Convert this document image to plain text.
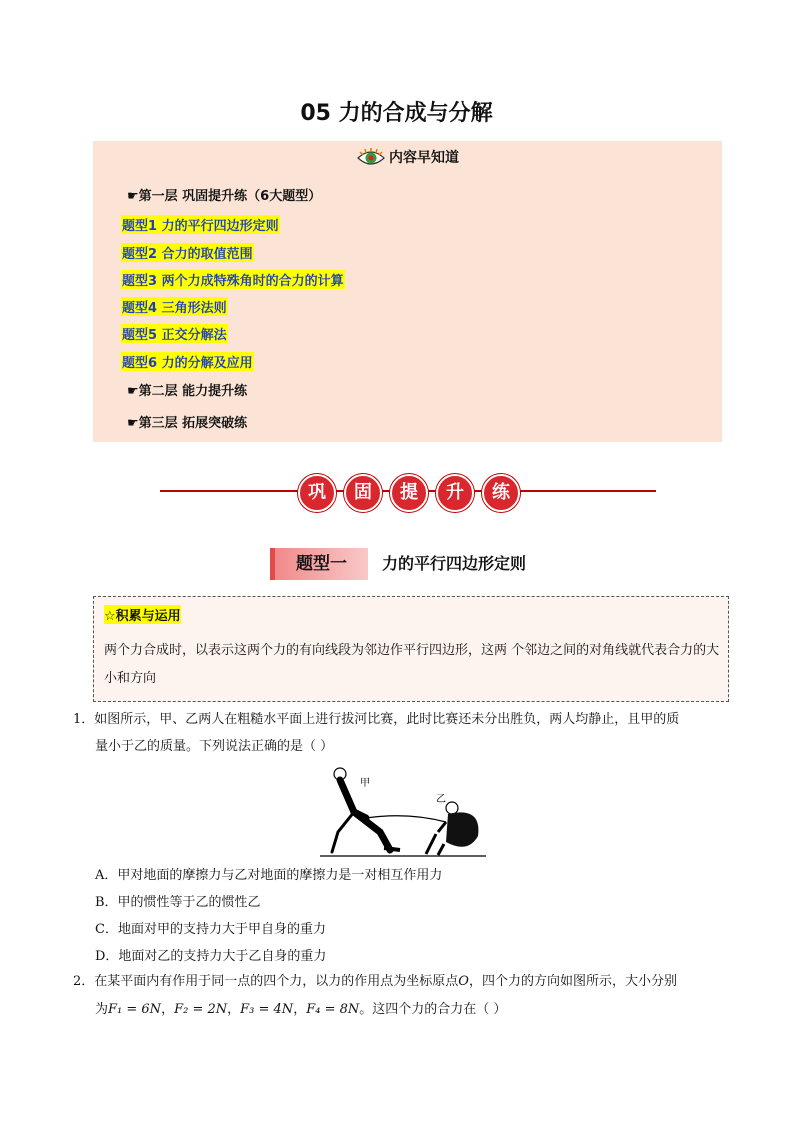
05 力的合成与分解
内容早知道
☛第一层 巩固提升练（6大题型）
题型1 力的平行四边形定则
题型2 合力的取值范围
题型3 两个力成特殊角时的合力的计算
题型4 三角形法则
题型5 正交分解法
题型6 力的分解及应用
☛第二层 能力提升练
☛第三层 拓展突破练
巩	固	提	升	练
题型一	力的平行四边形定则
☆积累与运用
两个力合成时，以表示这两个力的有向线段为邻边作平行四边形，这两 个邻边之间的对角线就代表合力的大小和方向
1．如图所示，甲、乙两人在粗糙水平面上进行拔河比赛，此时比赛还未分出胜负，两人均静止，且甲的质
量小于乙的质量。下列说法正确的是（ ）
甲
乙
A．甲对地面的摩擦力与乙对地面的摩擦力是一对相互作用力
B．甲的惯性等于乙的惯性乙
C．地面对甲的支持力大于甲自身的重力
D．地面对乙的支持力大于乙自身的重力
2．在某平面内有作用于同一点的四个力，以力的作用点为坐标原点O，四个力的方向如图所示，大小分别
为F₁ = 6N，F₂ = 2N，F₃ = 4N，F₄ = 8N。这四个力的合力在（ ）
